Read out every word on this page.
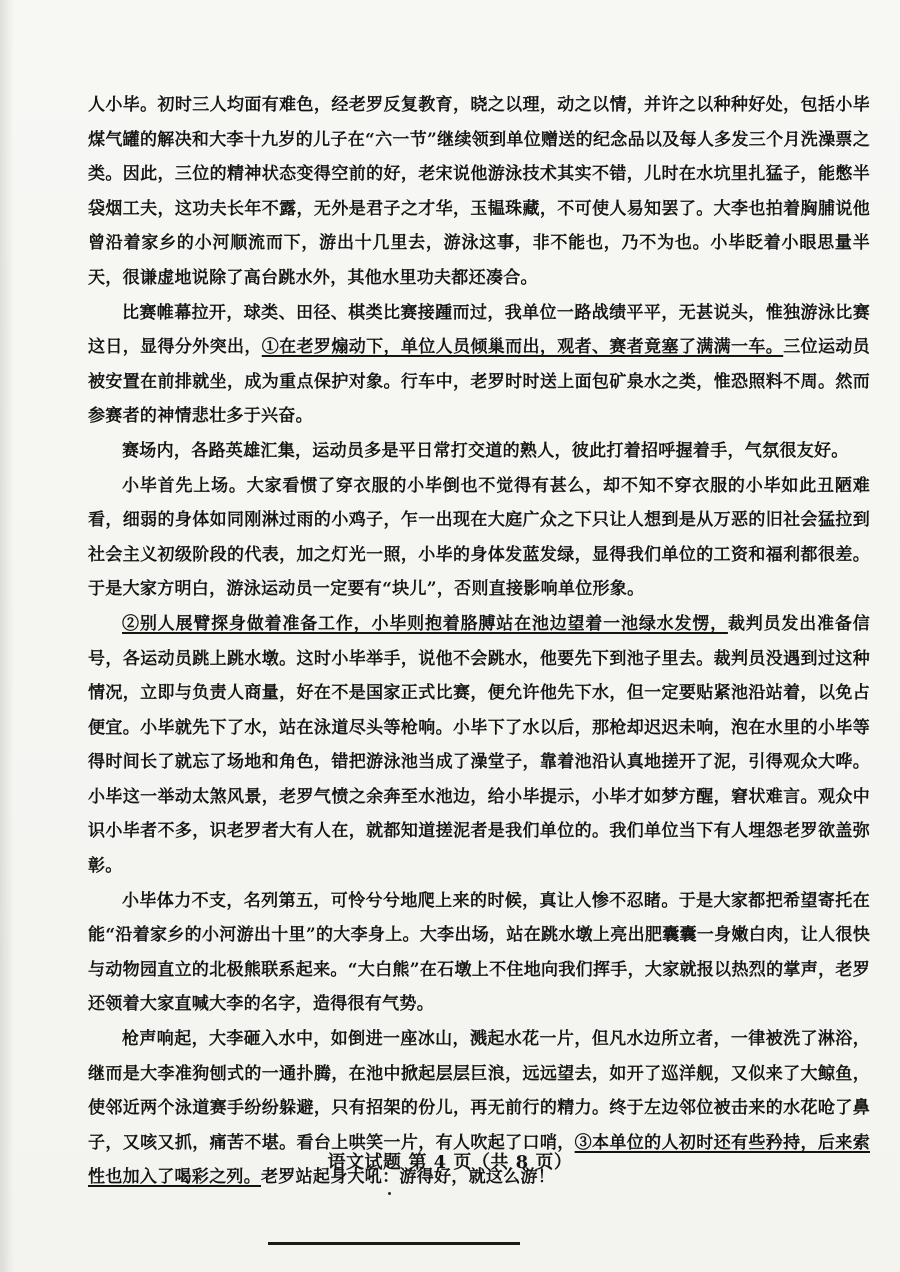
人小毕。初时三人均面有难色，经老罗反复教育，晓之以理，动之以情，并许之以种种好处，包括小毕煤气罐的解决和大李十九岁的儿子在“六一节”继续领到单位赠送的纪念品以及每人多发三个月洗澡票之类。因此，三位的精神状态变得空前的好，老宋说他游泳技术其实不错，儿时在水坑里扎猛子，能憋半袋烟工夫，这功夫长年不露，无外是君子之才华，玉韫珠藏，不可使人易知罢了。大李也拍着胸脯说他曾沿着家乡的小河顺流而下，游出十几里去，游泳这事，非不能也，乃不为也。小毕眨着小眼思量半天，很谦虚地说除了高台跳水外，其他水里功夫都还凑合。

比赛帷幕拉开，球类、田径、棋类比赛接踵而过，我单位一路战绩平平，无甚说头，惟独游泳比赛这日，显得分外突出，①在老罗煽动下，单位人员倾巢而出，观者、赛者竟塞了满满一车。三位运动员被安置在前排就坐，成为重点保护对象。行车中，老罗时时送上面包矿泉水之类，惟恐照料不周。然而参赛者的神情悲壮多于兴奋。

赛场内，各路英雄汇集，运动员多是平日常打交道的熟人，彼此打着招呼握着手，气氛很友好。

小毕首先上场。大家看惯了穿衣服的小毕倒也不觉得有甚么，却不知不穿衣服的小毕如此丑陋难看，细弱的身体如同刚淋过雨的小鸡子，乍一出现在大庭广众之下只让人想到是从万恶的旧社会猛拉到社会主义初级阶段的代表，加之灯光一照，小毕的身体发蓝发绿，显得我们单位的工资和福利都很差。于是大家方明白，游泳运动员一定要有“块儿”，否则直接影响单位形象。

②别人展臂探身做着准备工作，小毕则抱着胳膊站在池边望着一池绿水发愣，裁判员发出准备信号，各运动员跳上跳水墩。这时小毕举手，说他不会跳水，他要先下到池子里去。裁判员没遇到过这种情况，立即与负责人商量，好在不是国家正式比赛，便允许他先下水，但一定要贴紧池沿站着，以免占便宜。小毕就先下了水，站在泳道尽头等枪响。小毕下了水以后，那枪却迟迟未响，泡在水里的小毕等得时间长了就忘了场地和角色，错把游泳池当成了澡堂子，靠着池沿认真地搓开了泥，引得观众大哗。小毕这一举动太煞风景，老罗气愤之余奔至水池边，给小毕提示，小毕才如梦方醒，窘状难言。观众中识小毕者不多，识老罗者大有人在，就都知道搓泥者是我们单位的。我们单位当下有人埋怨老罗欲盖弥彰。

小毕体力不支，名列第五，可怜兮兮地爬上来的时候，真让人惨不忍睹。于是大家都把希望寄托在能“沿着家乡的小河游出十里”的大李身上。大李出场，站在跳水墩上亮出肥囊囊一身嫩白肉，让人很快与动物园直立的北极熊联系起来。“大白熊”在石墩上不住地向我们挥手，大家就报以热烈的掌声，老罗还领着大家直喊大李的名字，造得很有气势。

枪声响起，大李砸入水中，如倒进一座冰山，溅起水花一片，但凡水边所立者，一律被洗了淋浴，继而是大李准狗刨式的一通扑腾，在池中掀起层层巨浪，远远望去，如开了巡洋舰，又似来了大鲸鱼，使邻近两个泳道赛手纷纷躲避，只有招架的份儿，再无前行的精力。终于左边邻位被击来的水花呛了鼻子，又咳又抓，痛苦不堪。看台上哄笑一片，有人吹起了口哨，③本单位的人初时还有些矜持，后来索性也加入了喝彩之列。老罗站起身大吼：游得好，就这么游！

语文试题 第 4 页（共 8 页）
